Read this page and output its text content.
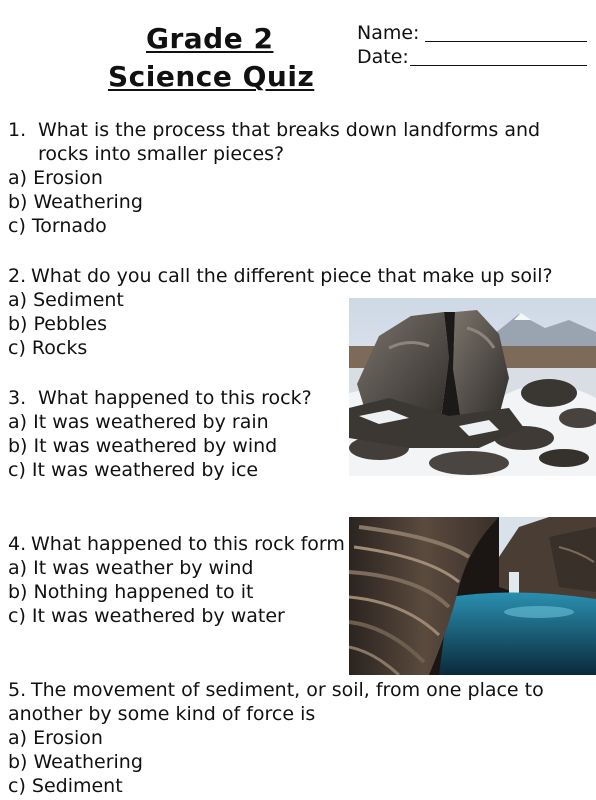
Grade 2
Science Quiz
Name:
Date:
1. What is the process that breaks down landforms and
rocks into smaller pieces?
a) Erosion
b) Weathering
c) Tornado
2. What do you call the different piece that make up soil?
a) Sediment
b) Pebbles
c) Rocks
3. What happened to this rock?
a) It was weathered by rain
b) It was weathered by wind
c) It was weathered by ice
4. What happened to this rock form
a) It was weather by wind
b) Nothing happened to it
c) It was weathered by water
5. The movement of sediment, or soil, from one place to
another by some kind of force is
a) Erosion
b) Weathering
c) Sediment
